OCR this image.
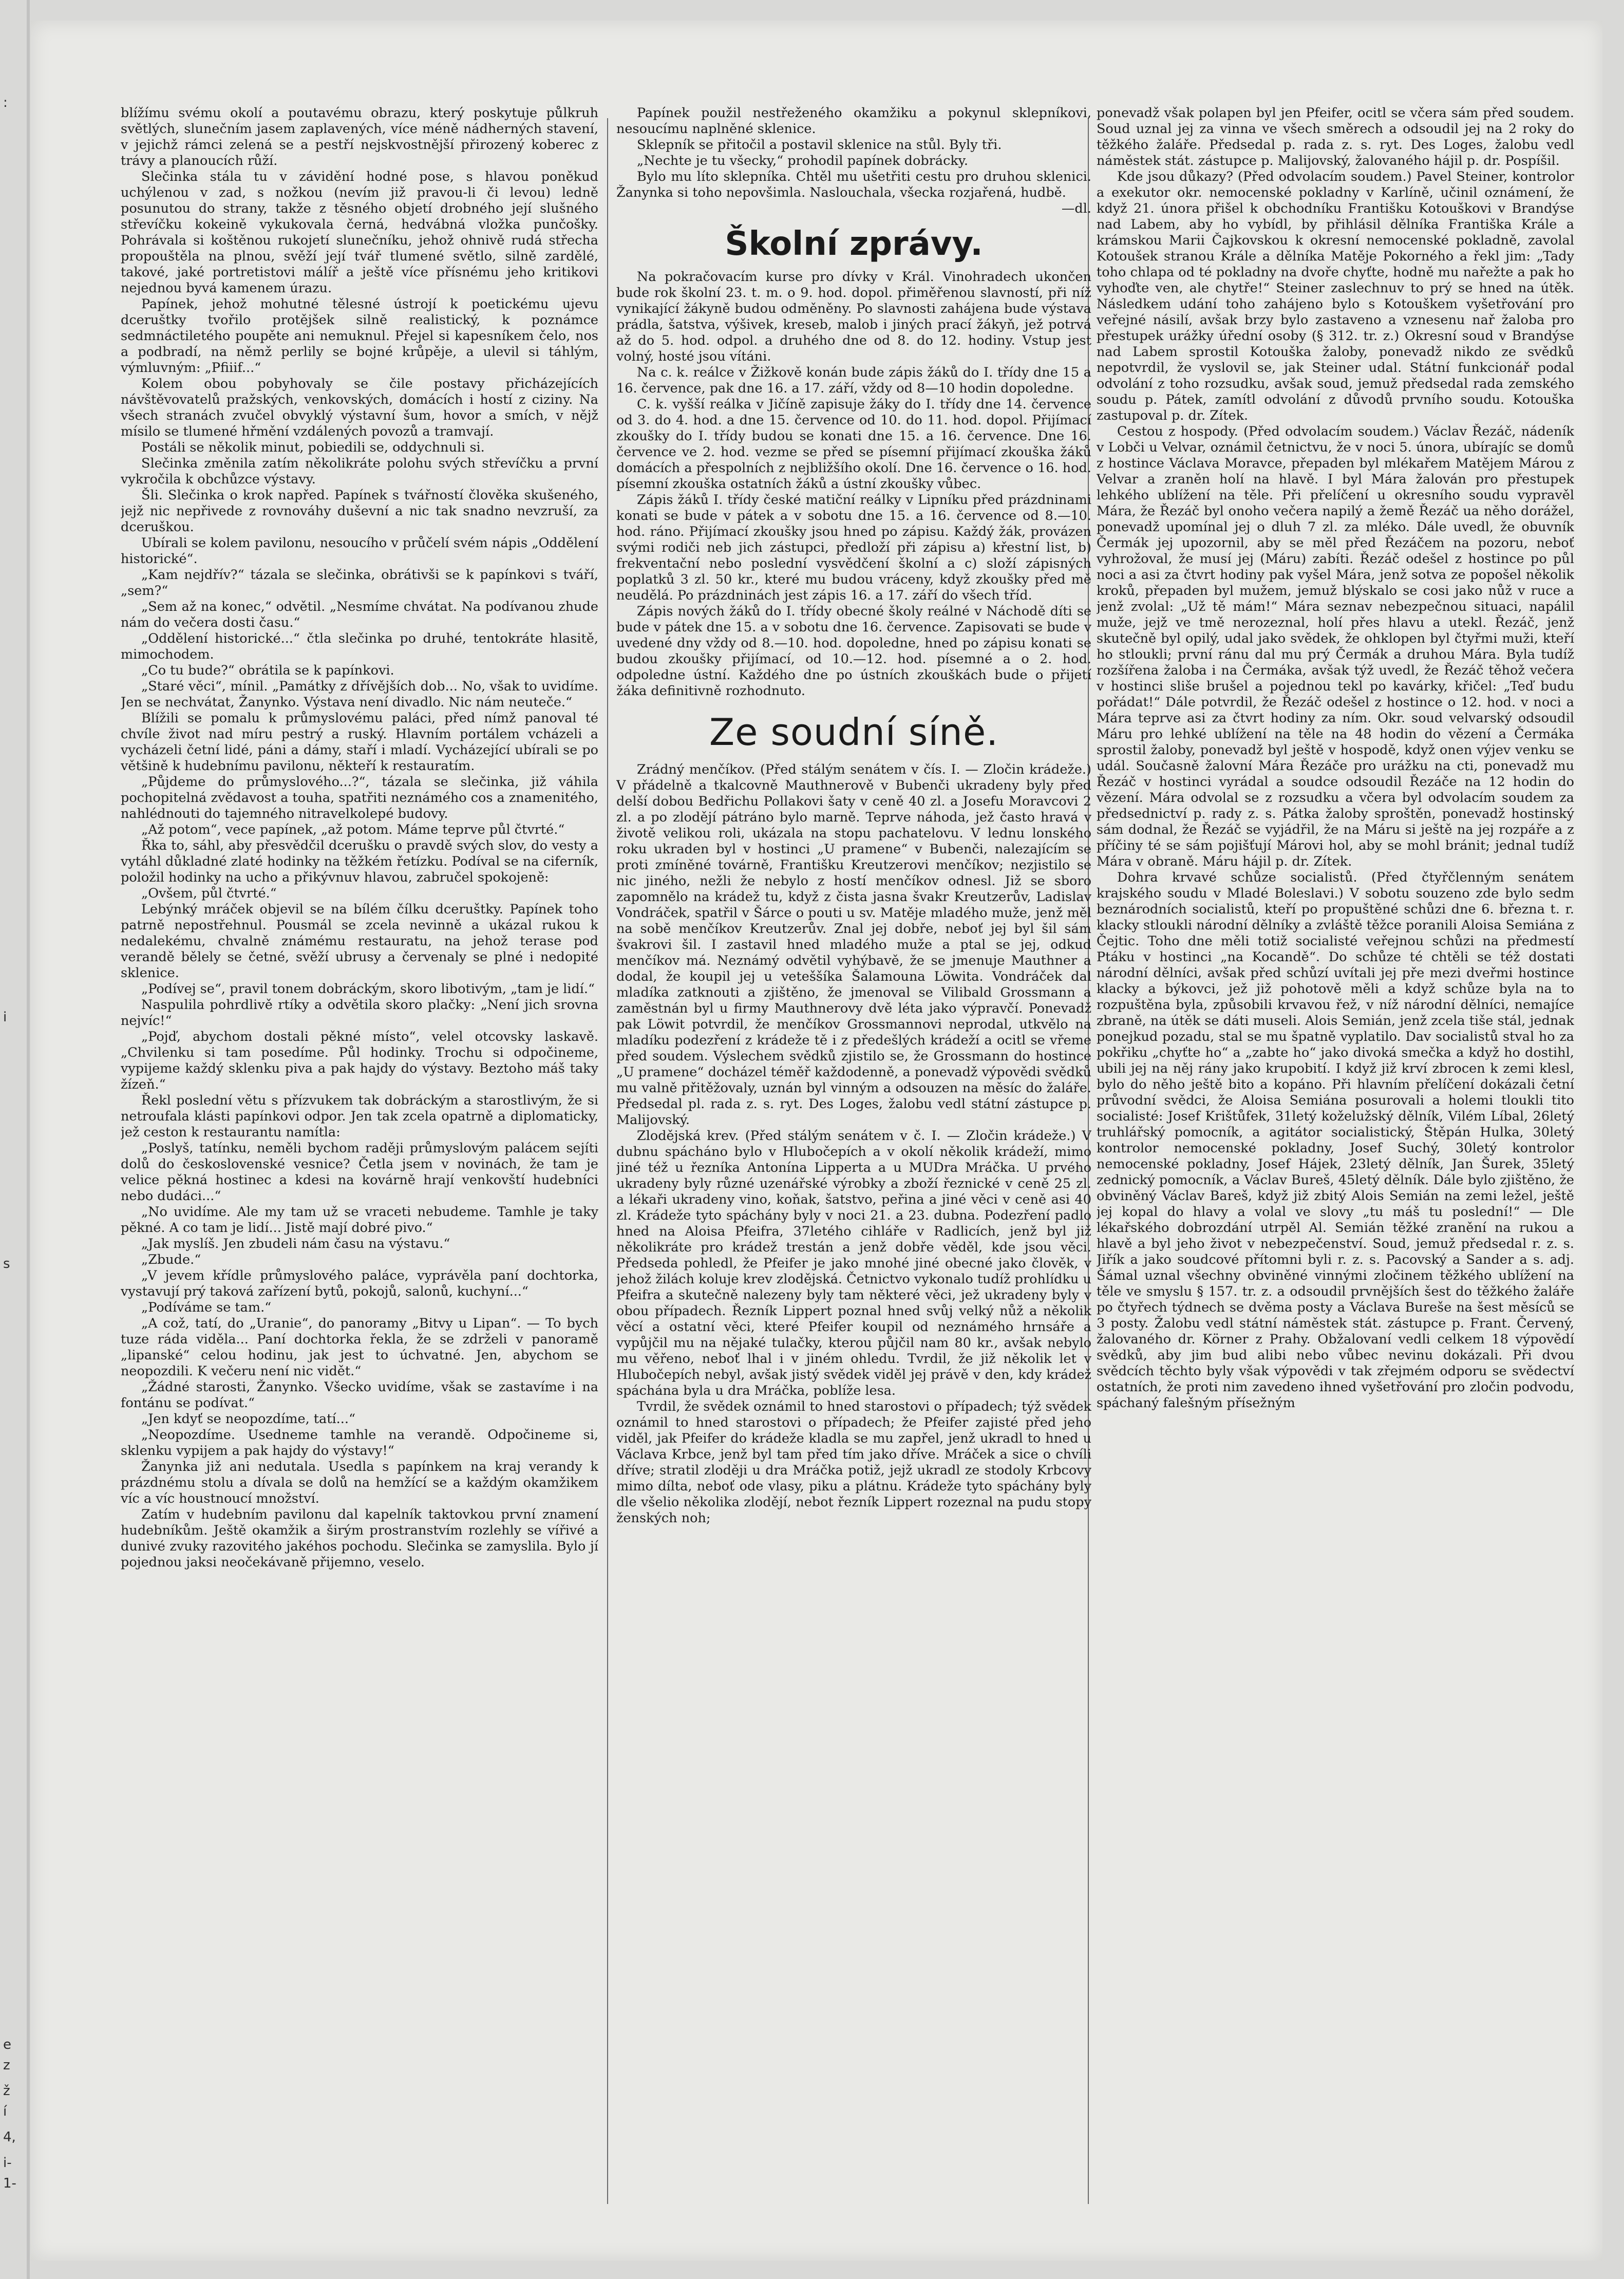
blížímu svému okolí a poutavému obrazu, který poskytuje půlkruh světlých, slunečním jasem zaplavených, více méně nádherných stavení, v jejichž rámci zelená se a pestří nejskvostnější přirozený koberec z trávy a planoucích růží.

Slečinka stála tu v závidění hodné pose, s hlavou poněkud uchýlenou v zad, s nožkou (nevím již pravou-li či levou) ledně posunutou do strany, takže z těsného objetí drobného její slušného střevíčku kokeině vykukovala černá, hedvábná vložka punčošky. Pohrávala si koštěnou rukojetí slunečníku, jehož ohnivě rudá střecha propouštěla na plnou, svěží její tvář tlumené světlo, silně zardělé, takové, jaké portretistovi málíř a ještě více přísnému jeho kritikovi nejednou byvá kamenem úrazu.

Papínek, jehož mohutné tělesné ústrojí k poetickému ujevu dceruštky tvořilo protějšek silně realistický, k poznámce sedmnáctiletého poupěte ani nemuknul. Přejel si kapesníkem čelo, nos a podbradí, na němž perlily se bojné krůpěje, a ulevil si táhlým, výmluvným: „Pfiiif...“

Kolem obou pobyhovaly se čile postavy přicházejících návštěvovatelů pražských, venkovských, domácích i hostí z ciziny. Na všech stranách zvučel obvyklý výstavní šum, hovor a smích, v nějž mísilo se tlumené hřmění vzdálených povozů a tramvají.

Postáli se několik minut, pobiedili se, oddychnuli si.

Slečinka změnila zatím několikráte polohu svých střevíčku a první vykročila k obchůzce výstavy.

Šli. Slečinka o krok napřed. Papínek s tvářností člověka skušeného, jejž nic nepřivede z rovnováhy duševní a nic tak snadno nevzruší, za dceruškou.

Ubírali se kolem pavilonu, nesoucího v průčelí svém nápis „Oddělení historické“.

„Kam nejdřív?“ tázala se slečinka, obrátivši se k papínkovi s tváří, „sem?“

„Sem až na konec,“ odvětil. „Nesmíme chvátat. Na podívanou zhude nám do večera dosti času.“

„Oddělení historické...“ čtla slečinka po druhé, tentokráte hlasitě, mimochodem.

„Co tu bude?“ obrátila se k papínkovi.

„Staré věci“, mínil. „Památky z dřívějších dob... No, však to uvidíme. Jen se nechvátat, Žanynko. Výstava není divadlo. Nic nám neuteče.“

Blížili se pomalu k průmyslovému paláci, před nímž panoval té chvíle život nad míru pestrý a ruský. Hlavním portálem vcházeli a vycházeli četní lidé, páni a dámy, staří i mladí. Vycházející ubírali se po většině k hudebnímu pavilonu, někteří k restauratím.

„Půjdeme do průmyslového...?“, tázala se slečinka, již váhila pochopitelná zvědavost a touha, spatřiti neznámého cos a znamenitého, nahlédnouti do tajemného nitravelkolepé budovy.

„Až potom“, vece papínek, „až potom. Máme teprve půl čtvrté.“

Řka to, sáhl, aby přesvědčil dcerušku o pravdě svých slov, do vesty a vytáhl důkladné zlaté hodinky na těžkém řetízku. Podíval se na ciferník, položil hodinky na ucho a přikývnuv hlavou, zabručel spokojeně:

„Ovšem, půl čtvrté.“

Lebýnký mráček objevil se na bílém čílku dceruštky. Papínek toho patrně nepostřehnul. Pousmál se zcela nevinně a ukázal rukou k nedalekému, chvalně známému restauratu, na jehož terase pod verandě bělely se četné, svěží ubrusy a červenaly se plné i nedopité sklenice.

„Podívej se“, pravil tonem dobráckým, skoro libotivým, „tam je lidí.“

Naspulila pohrdlivě rtíky a odvětila skoro plačky: „Není jich srovna nejvíc!“

„Pojď, abychom dostali pěkné místo“, velel otcovsky laskavě. „Chvilenku si tam posedíme. Půl hodinky. Trochu si odpočineme, vypijeme každý sklenku piva a pak hajdy do výstavy. Beztoho máš taky žízeň.“

Řekl poslední větu s přízvukem tak dobráckým a starostlivým, že si netroufala klásti papínkovi odpor. Jen tak zcela opatrně a diplomaticky, jež ceston k restaurantu namítla:

„Poslyš, tatínku, neměli bychom raději průmyslovým palácem sejíti dolů do československé vesnice? Četla jsem v novinách, že tam je velice pěkná hostinec a kdesi na kovárně hrají venkovští hudebníci nebo dudáci...“

„No uvidíme. Ale my tam už se vraceti nebudeme. Tamhle je taky pěkné. A co tam je lidí... Jistě mají dobré pivo.“

„Jak myslíš. Jen zbudeli nám času na výstavu.“

„Zbude.“

„V jevem křídle průmyslového paláce, vyprávěla paní dochtorka, vystavují prý taková zařízení bytů, pokojů, salonů, kuchyní...“

„Podíváme se tam.“

„A což, tatí, do „Uranie“, do panoramy „Bitvy u Lipan“. — To bych tuze ráda viděla... Paní dochtorka řekla, že se zdrželi v panoramě „lipanské“ celou hodinu, jak jest to úchvatné. Jen, abychom se neopozdili. K večeru není nic vidět.“

„Žádné starosti, Žanynko. Všecko uvidíme, však se zastavíme i na fontánu se podívat.“

„Jen kdyť se neopozdíme, tatí...“

„Neopozdíme. Usedneme tamhle na verandě. Odpočineme si, sklenku vypijem a pak hajdy do výstavy!“

Žanynka již ani nedutala. Usedla s papínkem na kraj verandy k prázdnému stolu a dívala se dolů na hemžící se a každým okamžikem víc a víc houstnoucí množství.

Zatím v hudebním pavilonu dal kapelník taktovkou první znamení hudebníkům. Ještě okamžik a širým prostranstvím rozlehly se vířivé a dunivé zvuky razovitého jakéhos pochodu. Slečinka se zamyslila. Bylo jí pojednou jaksi neočekávaně přijemno, veselo.

Papínek použil nestřeženého okamžiku a pokynul sklepníkovi, nesoucímu naplněné sklenice.

Sklepník se přitočil a postavil sklenice na stůl. Byly tři.

„Nechte je tu všecky,“ prohodil papínek dobrácky.

Bylo mu líto sklepníka. Chtěl mu ušetřiti cestu pro druhou sklenici. Žanynka si toho nepovšimla. Naslouchala, všecka rozjařená, hudbě.

—dl.
Školní zprávy.

Na pokračovacím kurse pro dívky v Král. Vinohradech ukončen bude rok školní 23. t. m. o 9. hod. dopol. přiměřenou slavností, při níž vynikající žákyně budou odměněny. Po slavnosti zahájena bude výstava prádla, šatstva, výšivek, kreseb, malob i jiných prací žákyň, jež potrvá až do 5. hod. odpol. a druhého dne od 8. do 12. hodiny. Vstup jest volný, hosté jsou vítáni.

Na c. k. reálce v Žižkově konán bude zápis žáků do I. třídy dne 15 a 16. července, pak dne 16. a 17. září, vždy od 8—10 hodin dopoledne.

C. k. vyšší reálka v Jičíně zapisuje žáky do I. třídy dne 14. července od 3. do 4. hod. a dne 15. července od 10. do 11. hod. dopol. Přijímací zkoušky do I. třídy budou se konati dne 15. a 16. července. Dne 16. července ve 2. hod. vezme se před se písemní přijímací zkouška žáků domácích a přespolních z nejbližšího okolí. Dne 16. července o 16. hod. písemní zkouška ostatních žáků a ústní zkoušky vůbec.

Zápis žáků I. třídy české matiční reálky v Lipníku před prázdninami konati se bude v pátek a v sobotu dne 15. a 16. července od 8.—10. hod. ráno. Přijímací zkoušky jsou hned po zápisu. Každý žák, provázen svými rodiči neb jich zástupci, předloží při zápisu a) křestní list, b) frekventační nebo poslední vysvědčení školní a c) složí zápisných poplatků 3 zl. 50 kr., které mu budou vráceny, když zkoušky před mě neudělá. Po prázdninách jest zápis 16. a 17. září do všech tříd.

Zápis nových žáků do I. třídy obecné školy reálné v Náchodě díti se bude v pátek dne 15. a v sobotu dne 16. července. Zapisovati se bude v uvedené dny vždy od 8.—10. hod. dopoledne, hned po zápisu konati se budou zkoušky přijímací, od 10.—12. hod. písemné a o 2. hod. odpoledne ústní. Každého dne po ústních zkouškách bude o přijetí žáka definitivně rozhodnuto.

Ze soudní síně.

Zrádný menčíkov. (Před stálým senátem v čís. I. — Zločin krádeže.) V přádelně a tkalcovně Mauthnerově v Bubenči ukradeny byly před delší dobou Bedřichu Pollakovi šaty v ceně 40 zl. a Josefu Moravcovi 2 zl. a po zlodějí pátráno bylo marně. Teprve náhoda, jež často hravá v životě velikou roli, ukázala na stopu pachatelovu. V lednu lonského roku ukraden byl v hostinci „U pramene“ v Bubenči, nalezajícím se proti zmíněné továrně, Františku Kreutzerovi menčíkov; nezjistilo se nic jiného, nežli že nebylo z hostí menčíkov odnesl. Již se sboro zapomnělo na krádež tu, když z čista jasna švakr Kreutzerův, Ladislav Vondráček, spatřil v Šárce o pouti u sv. Matěje mladého muže, jenž měl na sobě menčíkov Kreutzerův. Znal jej dobře, neboť jej byl šil sám švakrovi šil. I zastavil hned mladého muže a ptal se jej, odkud menčíkov má. Neznámý odvětil vyhýbavě, že se jmenuje Mauthner a dodal, že koupil jej u veteššíka Šalamouna Löwita. Vondráček dal mladíka zatknouti a zjištěno, že jmenoval se Vilibald Grossmann a zaměstnán byl u firmy Mauthnerovy dvě léta jako výpravčí. Ponevadž pak Löwit potvrdil, že menčíkov Grossmannovi neprodal, utkvělo na mladíku podezření z krádeže tě i z předešlých krádeží a ocitl se vřeme před soudem. Výslechem svědků zjistilo se, že Grossmann do hostince „U pramene“ docházel téměř každodenně, a ponevadž výpovědi svědků mu valně přitěžovaly, uznán byl vinným a odsouzen na měsíc do žaláře. Předsedal pl. rada z. s. ryt. Des Loges, žalobu vedl státní zástupce p. Malijovský.

Zlodějská krev. (Před stálým senátem v č. I. — Zločin krádeže.) V dubnu spácháno bylo v Hlubočepích a v okolí několik krádeží, mimo jiné též u řezníka Antonína Lipperta a u MUDra Mráčka. U prvého ukradeny byly různé uzenářské výrobky a zboží řeznické v ceně 25 zl. a lékaři ukradeny vino, koňak, šatstvo, peřina a jiné věci v ceně asi 40 zl. Krádeže tyto spáchány byly v noci 21. a 23. dubna. Podezření padlo hned na Aloisa Pfeifra, 37letého cihláře v Radlicích, jenž byl již několikráte pro krádež trestán a jenž dobře věděl, kde jsou věci. Předseda pohledl, že Pfeifer je jako mnohé jiné obecné jako člověk, v jehož žilách koluje krev zlodějská. Četnictvo vykonalo tudíž prohlídku u Pfeifra a skutečně nalezeny byly tam některé věci, jež ukradeny byly v obou případech. Řezník Lippert poznal hned svůj velký nůž a několik věcí a ostatní věci, které Pfeifer koupil od neznámého hrnsáře a vypůjčil mu na nějaké tulačky, kterou půjčil nam 80 kr., avšak nebylo mu věřeno, neboť lhal i v jiném ohledu. Tvrdil, že již několik let v Hlubočepích nebyl, avšak jistý svědek viděl jej právě v den, kdy krádež spáchána byla u dra Mráčka, poblíže lesa.

Tvrdil, že svědek oznámil to hned starostovi o případech; týž svědek oznámil to hned starostovi o případech; že Pfeifer zajisté před jeho viděl, jak Pfeifer do krádeže kladla se mu zapřel, jenž ukradl to hned u Václava Krbce, jenž byl tam před tím jako dříve. Mráček a sice o chvíli dříve; stratil zloději u dra Mráčka potiž, jejž ukradl ze stodoly Krbcovy mimo dílta, neboť ode vlasy, piku a plátnu. Krádeže tyto spáchány byly dle všelio několika zlodějí, nebot řezník Lippert rozeznal na pudu stopy ženských noh;

ponevadž však polapen byl jen Pfeifer, ocitl se včera sám před soudem. Soud uznal jej za vinna ve všech směrech a odsoudil jej na 2 roky do těžkého žaláře. Předsedal p. rada z. s. ryt. Des Loges, žalobu vedl náměstek stát. zástupce p. Malijovský, žalovaného hájil p. dr. Pospíšil.

Kde jsou důkazy? (Před odvolacím soudem.) Pavel Steiner, kontrolor a exekutor okr. nemocenské pokladny v Karlíně, učinil oznámení, že když 21. února přišel k obchodníku Františku Kotouškovi v Brandýse nad Labem, aby ho vybídl, by přihlásil dělníka Františka Krále a krámskou Marii Čajkovskou k okresní nemocenské pokladně, zavolal Kotoušek stranou Krále a dělníka Matěje Pokorného a řekl jim: „Tady toho chlapa od té pokladny na dvoře chyťte, hodně mu nařežte a pak ho vyhoďte ven, ale chytře!“ Steiner zaslechnuv to prý se hned na útěk. Následkem udání toho zahájeno bylo s Kotouškem vyšetřování pro veřejné násilí, avšak brzy bylo zastaveno a vznesenu nař žaloba pro přestupek urážky úřední osoby (§ 312. tr. z.) Okresní soud v Brandýse nad Labem sprostil Kotouška žaloby, ponevadž nikdo ze svědků nepotvrdil, že vyslovil se, jak Steiner udal. Státní funkcionář podal odvolání z toho rozsudku, avšak soud, jemuž předsedal rada zemského soudu p. Pátek, zamítl odvolání z důvodů prvního soudu. Kotouška zastupoval p. dr. Zítek.

Cestou z hospody. (Před odvolacím soudem.) Václav Řezáč, nádeník v Lobči u Velvar, oznámil četnictvu, že v noci 5. února, ubírajíc se domů z hostince Václava Moravce, přepaden byl mlékařem Matějem Márou z Velvar a zraněn holí na hlavě. I byl Mára žalován pro přestupek lehkého ublížení na těle. Při přelíčení u okresního soudu vypravěl Mára, že Řezáč byl onoho večera napilý a žemě Řezáč ua něho dorážel, ponevadž upomínal jej o dluh 7 zl. za mléko. Dále uvedl, že obuvník Čermák jej upozornil, aby se měl před Řezáčem na pozoru, neboť vyhrožoval, že musí jej (Máru) zabíti. Řezáč odešel z hostince po půl noci a asi za čtvrt hodiny pak vyšel Mára, jenž sotva ze popošel několik kroků, přepaden byl mužem, jemuž blýskalo se cosi jako nůž v ruce a jenž zvolal: „Už tě mám!“ Mára seznav nebezpečnou situaci, napálil muže, jejž ve tmě nerozeznal, holí přes hlavu a utekl. Řezáč, jenž skutečně byl opilý, udal jako svědek, že ohklopen byl čtyřmi muži, kteří ho stloukli; první ránu dal mu prý Čermák a druhou Mára. Byla tudíž rozšířena žaloba i na Čermáka, avšak týž uvedl, že Řezáč těhož večera v hostinci sliše brušel a pojednou tekl po kavárky, křičel: „Teď budu pořádat!“ Dále potvrdil, že Řezáč odešel z hostince o 12. hod. v noci a Mára teprve asi za čtvrt hodiny za ním. Okr. soud velvarský odsoudil Máru pro lehké ublížení na těle na 48 hodin do vězení a Čermáka sprostil žaloby, ponevadž byl ještě v hospodě, když onen výjev venku se udál. Současně žalovní Mára Řezáče pro urážku na cti, ponevadž mu Řezáč v hostinci vyrádal a soudce odsoudil Řezáče na 12 hodin do vězení. Mára odvolal se z rozsudku a včera byl odvolacím soudem za předsednictví p. rady z. s. Pátka žaloby sproštěn, ponevadž hostinský sám dodnal, že Řezáč se vyjádřil, že na Máru si ještě na jej rozpáře a z příčiny té se sám pojišťují Márovi hol, aby se mohl bránit; jednal tudíž Mára v obraně. Máru hájil p. dr. Zítek.

Dohra krvavé schůze socialistů. (Před čtyřčlenným senátem krajského soudu v Mladé Boleslavi.) V sobotu souzeno zde bylo sedm beznárodních socialistů, kteří po propuštěné schůzi dne 6. března t. r. klacky stloukli národní dělníky a zvláště těžce poranili Aloisa Semiána z Čejtic. Toho dne měli totiž socialisté veřejnou schůzi na předmestí Ptáku v hostinci „na Kocandě“. Do schůze té chtěli se též dostati národní dělníci, avšak před schůzí uvítali jej pře mezi dveřmi hostince klacky a býkovci, jež již pohotově měli a když schůze byla na to rozpuštěna byla, způsobili krvavou řež, v níž národní dělníci, nemajíce zbraně, na útěk se dáti museli. Alois Semián, jenž zcela tiše stál, jednak ponejkud pozadu, stal se mu špatně vyplatilo. Dav socialistů stval ho za pokřiku „chyťte ho“ a „zabte ho“ jako divoká smečka a když ho dostihl, ubili jej na něj rány jako krupobití. I když již krví zbrocen k zemi klesl, bylo do něho ještě bito a kopáno. Při hlavním přelíčení dokázali četní průvodní svědci, že Aloisa Semiána posurovali a holemi tloukli tito socialisté: Josef Krištůfek, 31letý koželužský dělník, Vilém Líbal, 26letý truhlářský pomocník, a agitátor socialistický, Štěpán Hulka, 30letý kontrolor nemocenské pokladny, Josef Suchý, 30letý kontrolor nemocenské pokladny, Josef Hájek, 23letý dělník, Jan Šurek, 35letý zednický pomocník, a Václav Bureš, 45letý dělník. Dále bylo zjištěno, že obviněný Václav Bareš, když již zbitý Alois Semián na zemi ležel, ještě jej kopal do hlavy a volal ve slovy „tu máš tu poslední!“ — Dle lékařského dobrozdání utrpěl Al. Semián těžké zranění na rukou a hlavě a byl jeho život v nebezpečenství. Soud, jemuž předsedal r. z. s. Jiřík a jako soudcové přítomni byli r. z. s. Pacovský a Sander a s. adj. Šámal uznal všechny obviněné vinnými zločinem těžkého ublížení na těle ve smyslu § 157. tr. z. a odsoudil prvnějších šest do těžkého žaláře po čtyřech týdnech se dvěma posty a Václava Bureše na šest měsíců se 3 posty. Žalobu vedl státní náměstek stát. zástupce p. Frant. Červený, žalovaného dr. Körner z Prahy. Obžalovaní vedli celkem 18 výpovědí svědků, aby jim bud alibi nebo vůbec nevinu dokázali. Při dvou svědcích těchto byly však výpovědi v tak zřejmém odporu se svědectví ostatních, že proti nim zavedeno ihned vyšetřování pro zločin podvodu, spáchaný falešným přísežným

:
i
s
e
z
ž
í
4,
i-
1-
